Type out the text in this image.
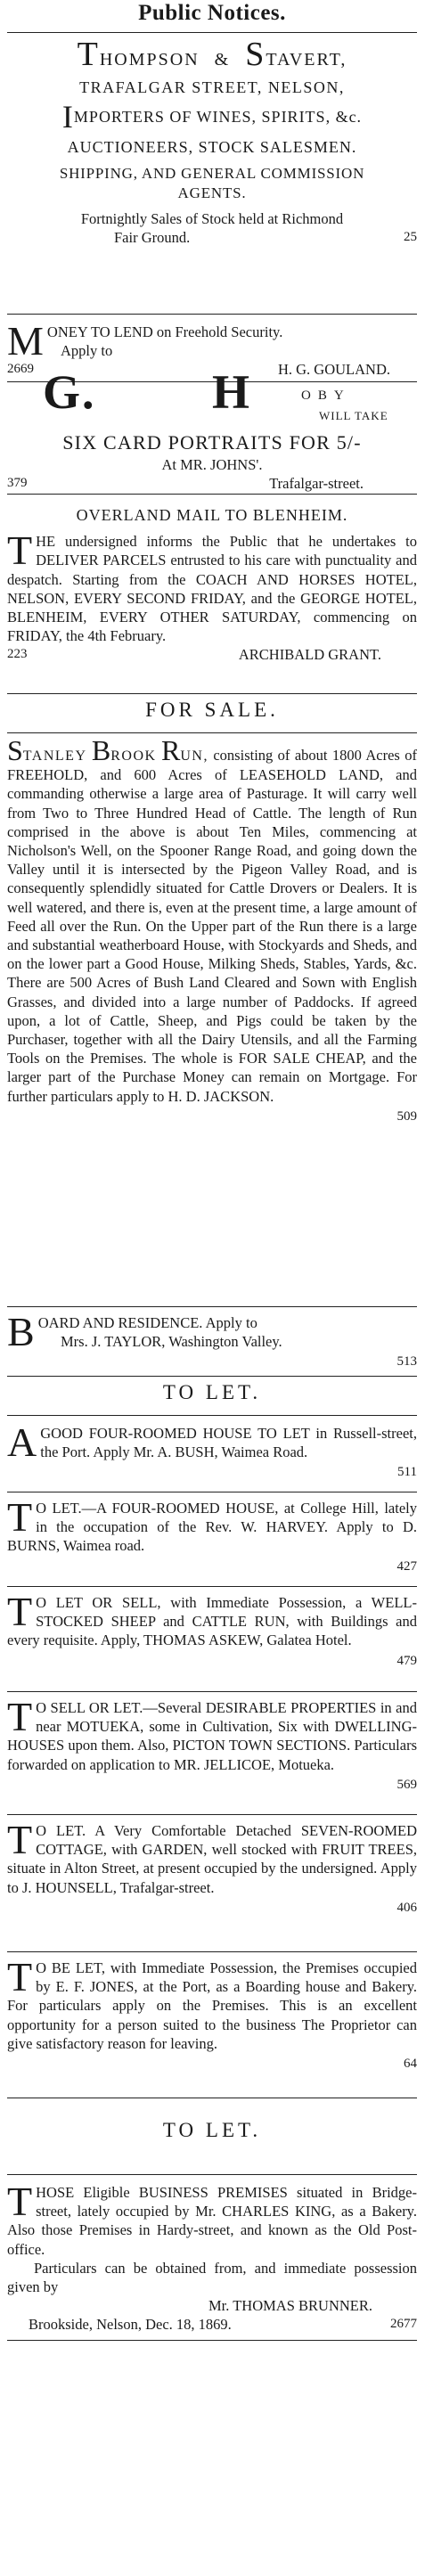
Public Notices.
THOMPSON & STAVERT,
TRAFALGAR STREET, NELSON,
IMPORTERS OF WINES, SPIRITS, &c.
AUCTIONEERS, STOCK SALESMEN.
SHIPPING, AND GENERAL COMMISSION
AGENTS.
Fortnightly Sales of Stock held at Richmond
Fair Ground.	25
M ONEY TO LEND on Freehold Security.
Apply to
2669	H. G. GOULAND.
G. H	OBY
WILL TAKE
SIX CARD PORTRAITS FOR 5/-
At MR. JOHNS'.
379	Trafalgar-street.
OVERLAND MAIL TO BLENHEIM.
T HE undersigned informs the Public that he undertakes to DELIVER PARCELS entrusted to his care with punctuality and despatch. Starting from the COACH AND HORSES HOTEL, NELSON, EVERY SECOND FRIDAY, and the GEORGE HOTEL, BLENHEIM, EVERY OTHER SATURDAY, commencing on FRIDAY, the 4th February.

223	ARCHIBALD GRANT.
FOR SALE.

STANLEY BROOK RUN, consisting of about 1800 Acres of FREEHOLD, and 600 Acres of LEASEHOLD LAND, and commanding otherwise a large area of Pasturage. It will carry well from Two to Three Hundred Head of Cattle. The length of Run comprised in the above is about Ten Miles, commencing at Nicholson's Well, on the Spooner Range Road, and going down the Valley until it is intersected by the Pigeon Valley Road, and is consequently splendidly situated for Cattle Drovers or Dealers. It is well watered, and there is, even at the present time, a large amount of Feed all over the Run. On the Upper part of the Run there is a large and substantial weatherboard House, with Stockyards and Sheds, and on the lower part a Good House, Milking Sheds, Stables, Yards, &c. There are 500 Acres of Bush Land Cleared and Sown with English Grasses, and divided into a large number of Paddocks. If agreed upon, a lot of Cattle, Sheep, and Pigs could be taken by the Purchaser, together with all the Dairy Utensils, and all the Farming Tools on the Premises. The whole is FOR SALE CHEAP, and the larger part of the Purchase Money can remain on Mortgage. For further particulars apply to H. D. JACKSON.

509
B OARD AND RESIDENCE. Apply to
Mrs. J. TAYLOR, Washington Valley.
513
TO LET.
A GOOD FOUR-ROOMED HOUSE TO LET in Russell-street, the Port. Apply Mr. A. BUSH, Waimea Road.

511
T O LET.—A FOUR-ROOMED HOUSE, at College Hill, lately in the occupation of the Rev. W. HARVEY. Apply to D. BURNS, Waimea road.

427
T O LET OR SELL, with Immediate Possession, a WELL-STOCKED SHEEP and CATTLE RUN, with Buildings and every requisite. Apply, THOMAS ASKEW, Galatea Hotel.

479
T O SELL OR LET.—Several DESIRABLE PROPERTIES in and near MOTUEKA, some in Cultivation, Six with DWELLING-HOUSES upon them. Also, PICTON TOWN SECTIONS. Particulars forwarded on application to MR. JELLICOE, Motueka.

569
T O LET. A Very Comfortable Detached SEVEN-ROOMED COTTAGE, with GARDEN, well stocked with FRUIT TREES, situate in Alton Street, at present occupied by the undersigned. Apply to J. HOUNSELL, Trafalgar-street.

406
T O BE LET, with Immediate Possession, the Premises occupied by E. F. JONES, at the Port, as a Boarding house and Bakery. For particulars apply on the Premises. This is an excellent opportunity for a person suited to the business The Proprietor can give satisfactory reason for leaving.

64
TO LET.
T HOSE Eligible BUSINESS PREMISES situated in Bridge-street, lately occupied by Mr. CHARLES KING, as a Bakery. Also those Premises in Hardy-street, and known as the Old Post-office.

Particulars can be obtained from, and immediate possession given by

Mr. THOMAS BRUNNER.
Brookside, Nelson, Dec. 18, 1869.	2677
